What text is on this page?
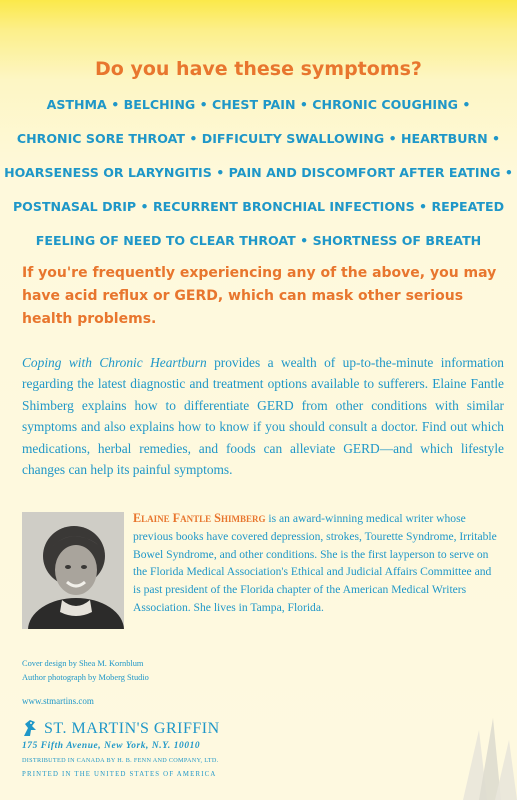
Do you have these symptoms?
ASTHMA • BELCHING • CHEST PAIN • CHRONIC COUGHING •
CHRONIC SORE THROAT • DIFFICULTY SWALLOWING • HEARTBURN •
HOARSENESS OR LARYNGITIS • PAIN AND DISCOMFORT AFTER EATING •
POSTNASAL DRIP • RECURRENT BRONCHIAL INFECTIONS • REPEATED
FEELING OF NEED TO CLEAR THROAT • SHORTNESS OF BREATH
If you're frequently experiencing any of the above, you may have acid reflux or GERD, which can mask other serious health problems.
Coping with Chronic Heartburn provides a wealth of up-to-the-minute information regarding the latest diagnostic and treatment options available to sufferers. Elaine Fantle Shimberg explains how to differentiate GERD from other conditions with similar symptoms and also explains how to know if you should consult a doctor. Find out which medications, herbal remedies, and foods can alleviate GERD—and which lifestyle changes can help its painful symptoms.
Elaine Fantle Shimberg is an award-winning medical writer whose previous books have covered depression, strokes, Tourette Syndrome, Irritable Bowel Syndrome, and other conditions. She is the first layperson to serve on the Florida Medical Association's Ethical and Judicial Affairs Committee and is past president of the Florida chapter of the American Medical Writers Association. She lives in Tampa, Florida.
Cover design by Shea M. Kornblum
Author photograph by Moberg Studio
www.stmartins.com
ST. MARTIN'S GRIFFIN
175 Fifth Avenue, New York, N.Y. 10010
DISTRIBUTED IN CANADA BY H. B. FENN AND COMPANY, LTD.
PRINTED IN THE UNITED STATES OF AMERICA
